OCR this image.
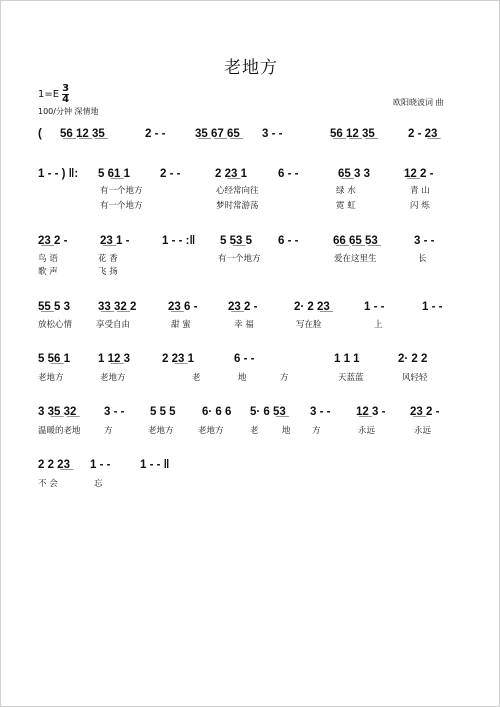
老地方
$1=E \frac{3}{4}$
100/分钟 深情地
欧阳晓波词 曲
( 5̲6̲ 1̲2̲ 3̲5̲	2 - -	3̲5̲ 6̲7̲ 6̲5̲ 3 - -	5̲6̲ 1̲2̲ 3̲5̲	2 - 2̲3̲
1 - - ) ‖: 5 6̲1̲ 1	2 - -	2 2̲3̲ 1	6 - -	6̲5̲ 3 3	1̲2̲ 2 -
有一个地方	心经常向往	绿 水	青 山
有一个地方	梦时常游荡	霓 虹	闪 烁
2̲3̲ 2 -	2̲3̲ 1 -	1 - - :‖ 5 5̲3̲ 5 6 - -	6̲6̲ 6̲5̲ 5̲3̲	3 - -
鸟 语	花 香	有一个地方	爱在这里生	长
歌 声	飞 扬
5̲5̲ 5 3 3̲3̲ 3̲2̲ 2	2̲3̲ 6 -	2̲3̲ 2 -	2· 2 2̲3̲	1 - -	1 - -
放松心情	享受自由	甜 蜜	幸 福	写在脸	上
5 5̲6̲ 1 1 1̲2̲ 3	2 2̲3̲ 1	6 - -	1 1 1	2· 2 2
老地方	老地方	老	地	方	天蓝蓝	风轻轻
3 3̲5̲ 3̲2̲ 3 - - 5 5 5 6· 6 6 5· 6 5̲3̲ 3 - - 1̲2̲ 3 - 2̲3̲ 2 -
温暖的老地	方	老地方	老地方	老	地	方	永远	永远
2 2 2̲3̲ 1 - -	1 - - ‖
不 会	忘
